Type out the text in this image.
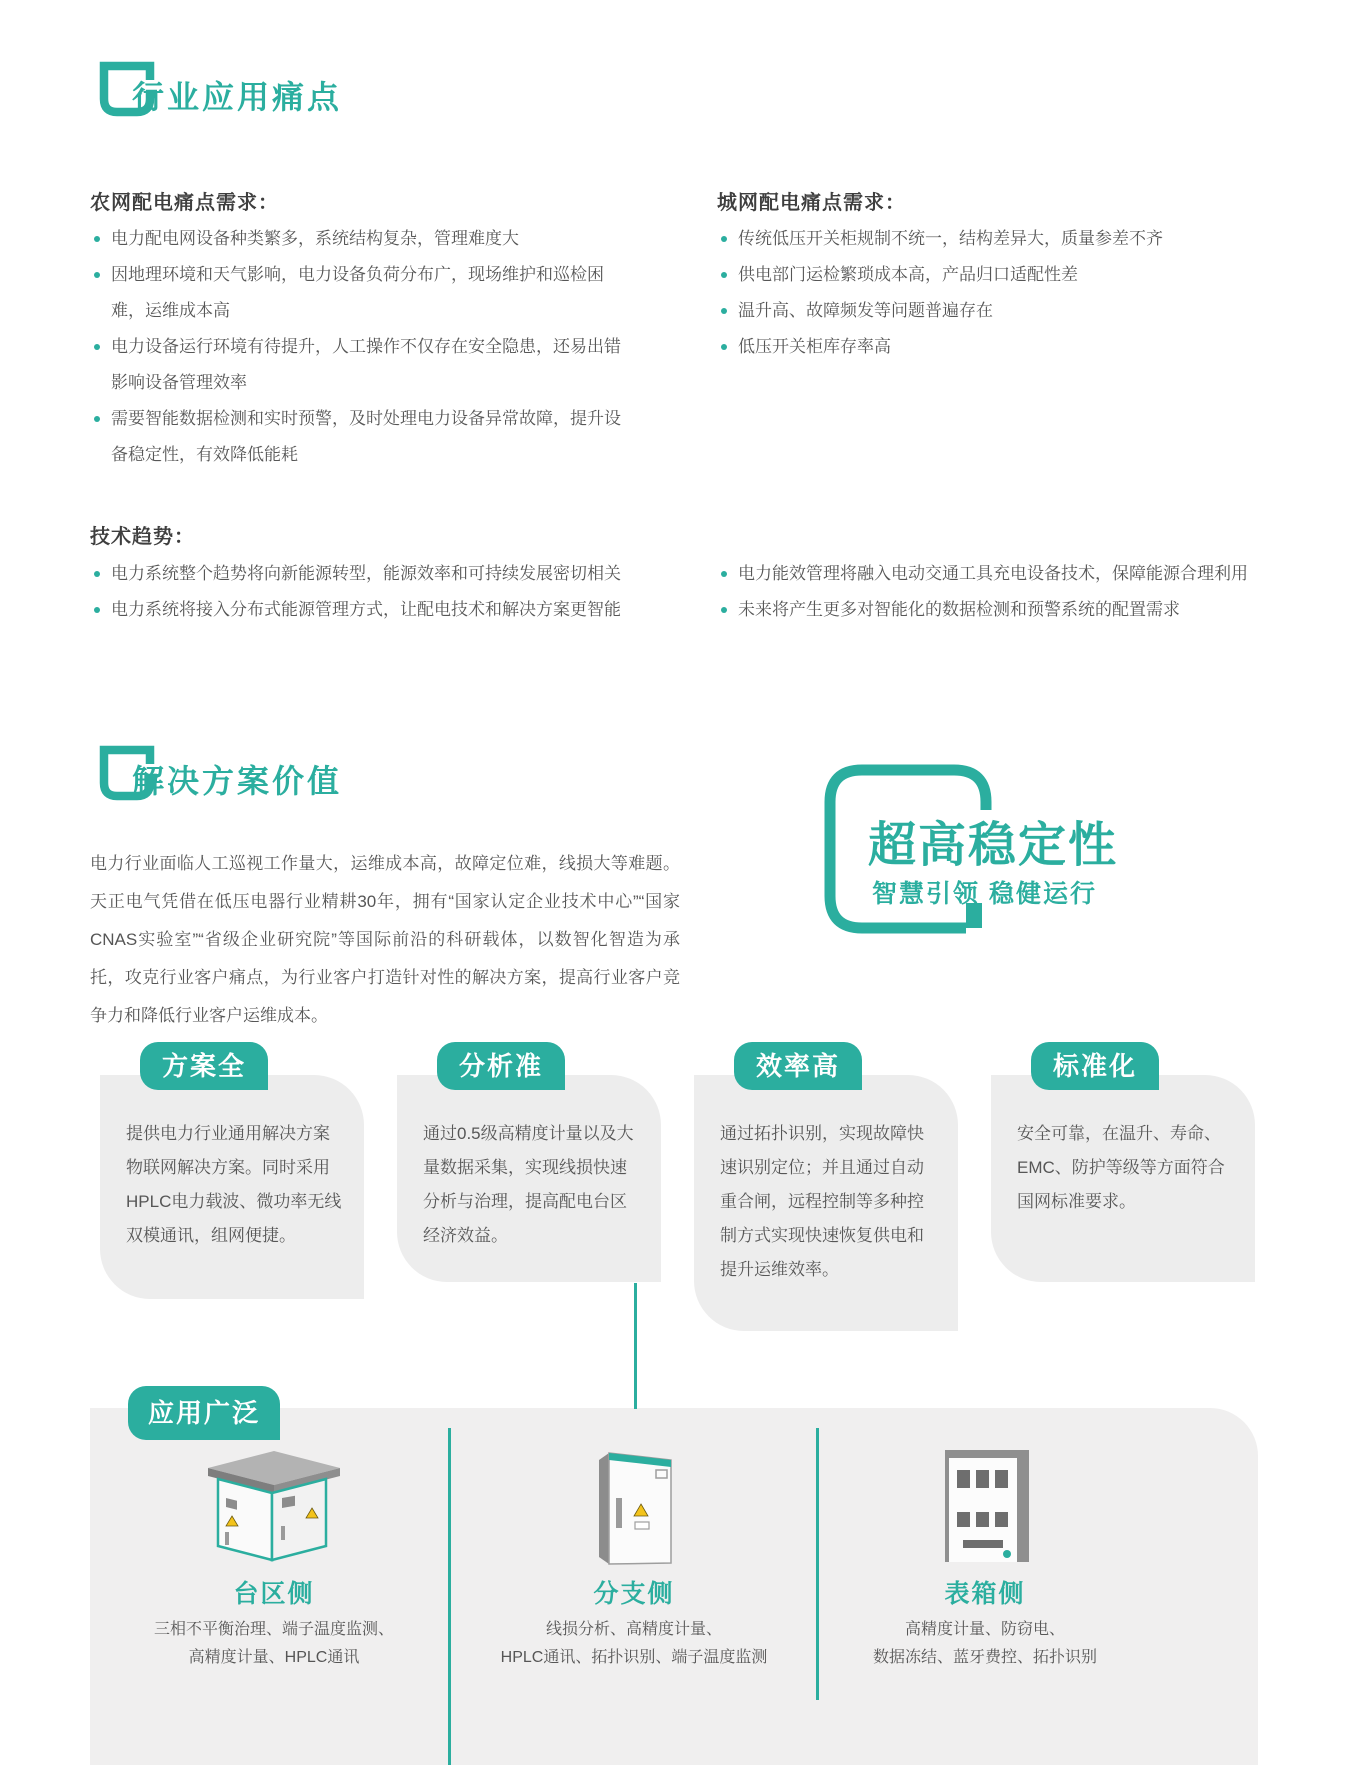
行业应用痛点
农网配电痛点需求：
电力配电网设备种类繁多，系统结构复杂，管理难度大
因地理环境和天气影响，电力设备负荷分布广，现场维护和巡检困难，运维成本高
电力设备运行环境有待提升，人工操作不仅存在安全隐患，还易出错影响设备管理效率
需要智能数据检测和实时预警，及时处理电力设备异常故障，提升设备稳定性，有效降低能耗
城网配电痛点需求：
传统低压开关柜规制不统一，结构差异大，质量参差不齐
供电部门运检繁琐成本高，产品归口适配性差
温升高、故障频发等问题普遍存在
低压开关柜库存率高
技术趋势：
电力系统整个趋势将向新能源转型，能源效率和可持续发展密切相关
电力系统将接入分布式能源管理方式，让配电技术和解决方案更智能
电力能效管理将融入电动交通工具充电设备技术，保障能源合理利用
未来将产生更多对智能化的数据检测和预警系统的配置需求
解决方案价值
电力行业面临人工巡视工作量大，运维成本高，故障定位难，线损大等难题。天正电气凭借在低压电器行业精耕30年，拥有“国家认定企业技术中心”“国家CNAS实验室”“省级企业研究院”等国际前沿的科研载体，以数智化智造为承托，攻克行业客户痛点，为行业客户打造针对性的解决方案，提高行业客户竞争力和降低行业客户运维成本。
超高稳定性
智慧引领 稳健运行
方案全
提供电力行业通用解决方案物联网解决方案。同时采用HPLC电力载波、微功率无线双模通讯，组网便捷。
分析准
通过0.5级高精度计量以及大量数据采集，实现线损快速分析与治理，提高配电台区经济效益。
效率高
通过拓扑识别，实现故障快速识别定位；并且通过自动重合闸，远程控制等多种控制方式实现快速恢复供电和提升运维效率。
标准化
安全可靠，在温升、寿命、EMC、防护等级等方面符合国网标准要求。
应用广泛
台区侧
三相不平衡治理、端子温度监测、
高精度计量、HPLC通讯
分支侧
线损分析、高精度计量、
HPLC通讯、拓扑识别、端子温度监测
表箱侧
高精度计量、防窃电、
数据冻结、蓝牙费控、拓扑识别
